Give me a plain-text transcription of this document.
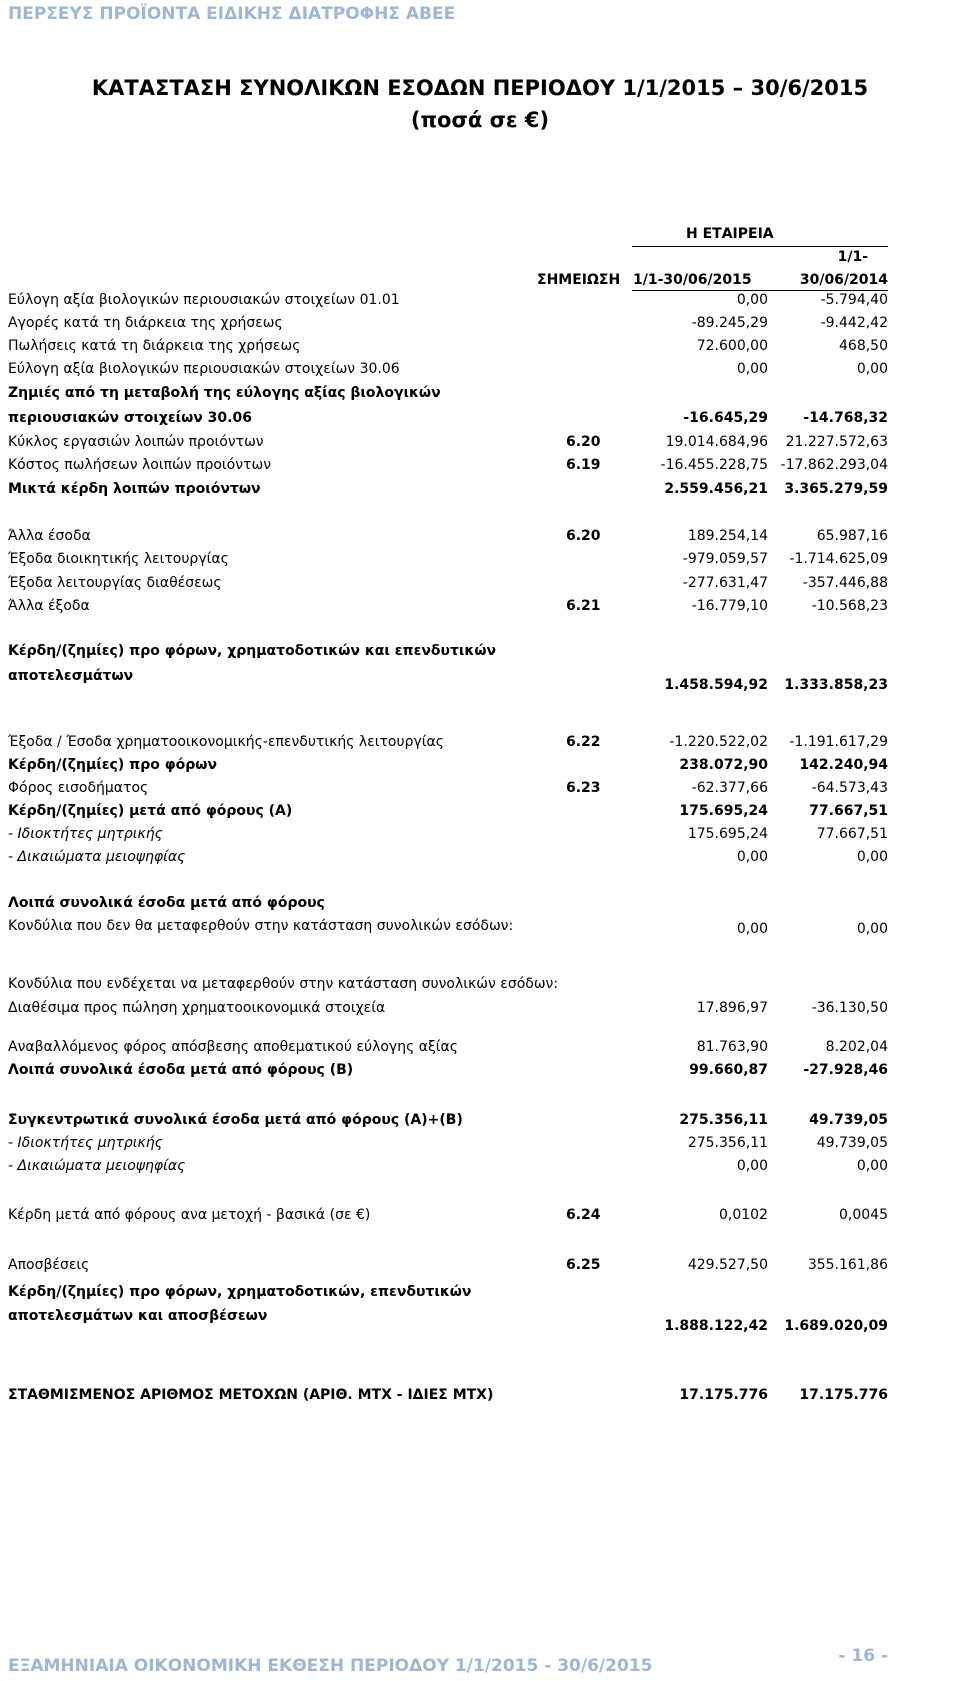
ΠΕΡΣΕΥΣ ΠΡΟΪΟΝΤΑ ΕΙΔΙΚΗΣ ΔΙΑΤΡΟΦΗΣ ΑΒΕΕ
ΚΑΤΑΣΤΑΣΗ ΣΥΝΟΛΙΚΩΝ ΕΣΟΔΩΝ ΠΕΡΙΟΔΟΥ 1/1/2015 – 30/6/2015
(ποσά σε €)
Η ΕΤΑΙΡΕΙΑ
1/1-
ΣΗΜΕΙΩΣΗ 1/1-30/06/2015	30/06/2014
Εύλογη αξία βιολογικών περιουσιακών στοιχείων 01.01	0,00	-5.794,40
Αγορές κατά τη διάρκεια της χρήσεως	-89.245,29	-9.442,42
Πωλήσεις κατά τη διάρκεια της χρήσεως	72.600,00	468,50
Εύλογη αξία βιολογικών περιουσιακών στοιχείων 30.06	0,00	0,00
Ζημιές από τη μεταβολή της εύλογης αξίας βιολογικών
περιουσιακών στοιχείων 30.06	-16.645,29	-14.768,32
Κύκλος εργασιών λοιπών προιόντων	6.20	19.014.684,96 21.227.572,63
Κόστος πωλήσεων λοιπών προιόντων	6.19	-16.455.228,75 -17.862.293,04
Μικτά κέρδη λοιπών προιόντων	2.559.456,21 3.365.279,59
Άλλα έσοδα	6.20	189.254,14	65.987,16
Έξοδα διοικητικής λειτουργίας	-979.059,57 -1.714.625,09
Έξοδα λειτουργίας διαθέσεως	-277.631,47 -357.446,88
Άλλα έξοδα	6.21	-16.779,10	-10.568,23
Κέρδη/(ζημίες) προ φόρων, χρηματοδοτικών και επενδυτικών
αποτελεσμάτων
1.458.594,92 1.333.858,23
Έξοδα / Έσοδα χρηματοοικονομικής-επενδυτικής λειτουργίας	6.22	-1.220.522,02 -1.191.617,29
Κέρδη/(ζημίες) προ φόρων	238.072,90 142.240,94
Φόρος εισοδήματος	6.23	-62.377,66	-64.573,43
Κέρδη/(ζημίες) μετά από φόρους (Α)	175.695,24	77.667,51
- Ιδιοκτήτες μητρικής	175.695,24	77.667,51
- Δικαιώματα μειοψηφίας	0,00	0,00
Λοιπά συνολικά έσοδα μετά από φόρους
Κονδύλια που δεν θα μεταφερθούν στην κατάσταση συνολικών εσόδων:	0,00	0,00
Κονδύλια που ενδέχεται να μεταφερθούν στην κατάσταση συνολικών εσόδων:
Διαθέσιμα προς πώληση χρηματοοικονομικά στοιχεία	17.896,97	-36.130,50
Αναβαλλόμενος φόρος απόσβεσης αποθεματικού εύλογης αξίας	81.763,90	8.202,04
Λοιπά συνολικά έσοδα μετά από φόρους (Β)	99.660,87	-27.928,46
Συγκεντρωτικά συνολικά έσοδα μετά από φόρους (Α)+(Β)	275.356,11	49.739,05
- Ιδιοκτήτες μητρικής	275.356,11	49.739,05
- Δικαιώματα μειοψηφίας	0,00	0,00
Κέρδη μετά από φόρους ανα μετοχή - βασικά (σε €)	6.24	0,0102	0,0045
Αποσβέσεις	6.25	429.527,50	355.161,86
Κέρδη/(ζημίες) προ φόρων, χρηματοδοτικών, επενδυτικών
αποτελεσμάτων και αποσβέσεων
1.888.122,42 1.689.020,09
ΣΤΑΘΜΙΣΜΕΝΟΣ ΑΡΙΘΜΟΣ ΜΕΤΟΧΩΝ (ΑΡΙΘ. ΜΤΧ - ΙΔΙΕΣ ΜΤΧ)	17.175.776 17.175.776
ΕΞΑΜΗΝΙΑΙΑ ΟΙΚΟΝΟΜΙΚΗ ΕΚΘΕΣΗ ΠΕΡΙΟΔΟΥ 1/1/2015 - 30/6/2015	- 16 -
